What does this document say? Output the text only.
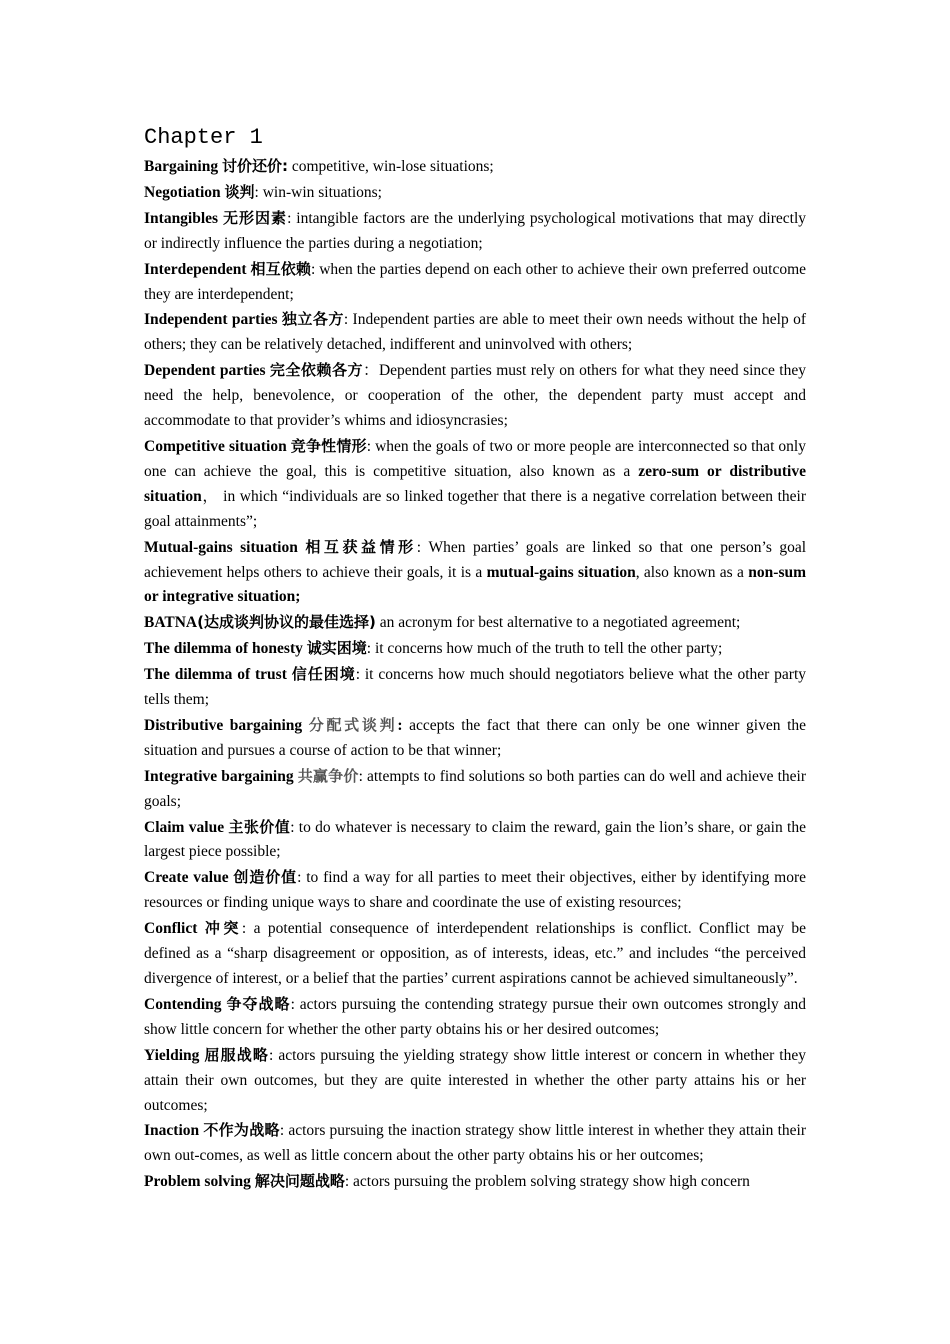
Chapter 1

Bargaining 讨价还价: competitive, win-lose situations;

Negotiation 谈判: win-win situations;

Intangibles 无形因素: intangible factors are the underlying psychological motivations that may directly or indirectly influence the parties during a negotiation;

Interdependent 相互依赖: when the parties depend on each other to achieve their own preferred outcome they are interdependent;

Independent parties 独立各方: Independent parties are able to meet their own needs without the help of others; they can be relatively detached, indifferent and uninvolved with others;

Dependent parties 完全依赖各方：Dependent parties must rely on others for what they need since they need the help, benevolence, or cooperation of the other, the dependent party must accept and accommodate to that provider’s whims and idiosyncrasies;

Competitive situation 竞争性情形: when the goals of two or more people are interconnected so that only one can achieve the goal, this is competitive situation, also known as a zero-sum or distributive situation， in which “individuals are so linked together that there is a negative correlation between their goal attainments”;

Mutual-gains situation 相互获益情形: When parties’ goals are linked so that one person’s goal achievement helps others to achieve their goals, it is a mutual-gains situation, also known as a non-sum or integrative situation;

BATNA(达成谈判协议的最佳选择) an acronym for best alternative to a negotiated agreement;

The dilemma of honesty 诚实困境: it concerns how much of the truth to tell the other party;

The dilemma of trust 信任困境: it concerns how much should negotiators believe what the other party tells them;

Distributive bargaining 分配式谈判: accepts the fact that there can only be one winner given the situation and pursues a course of action to be that winner;

Integrative bargaining 共赢争价: attempts to find solutions so both parties can do well and achieve their goals;

Claim value 主张价值: to do whatever is necessary to claim the reward, gain the lion’s share, or gain the largest piece possible;

Create value 创造价值: to find a way for all parties to meet their objectives, either by identifying more resources or finding unique ways to share and coordinate the use of existing resources;

Conflict 冲突: a potential consequence of interdependent relationships is conflict. Conflict may be defined as a “sharp disagreement or opposition, as of interests, ideas, etc.” and includes “the perceived divergence of interest, or a belief that the parties’ current aspirations cannot be achieved simultaneously”.

Contending 争夺战略: actors pursuing the contending strategy pursue their own outcomes strongly and show little concern for whether the other party obtains his or her desired outcomes;

Yielding 屈服战略: actors pursuing the yielding strategy show little interest or concern in whether they attain their own outcomes, but they are quite interested in whether the other party attains his or her outcomes;

Inaction 不作为战略: actors pursuing the inaction strategy show little interest in whether they attain their own out-comes, as well as little concern about the other party obtains his or her outcomes;

Problem solving 解决问题战略: actors pursuing the problem solving strategy show high concern
